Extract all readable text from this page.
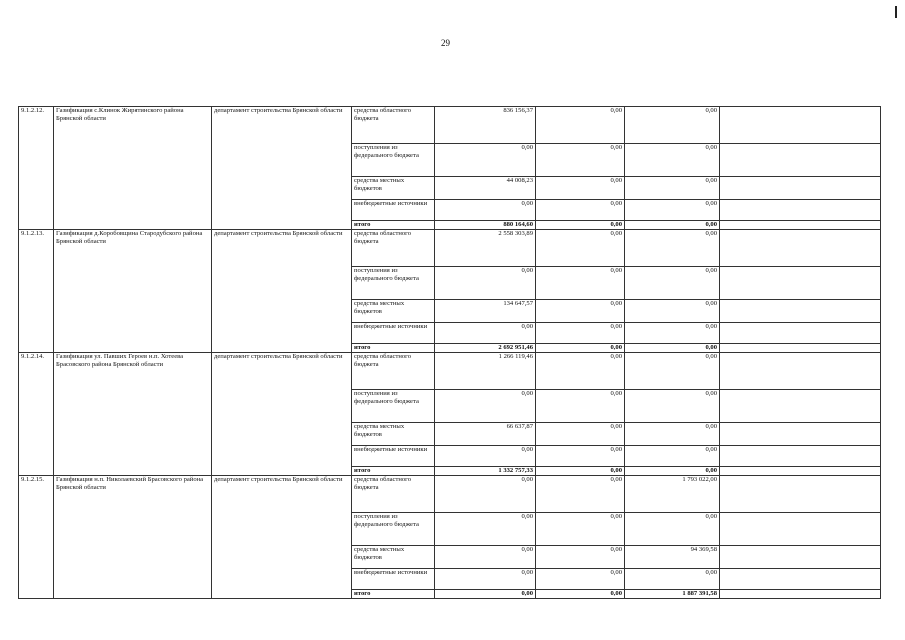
29
9.1.2.12.	Газификация с.Клинок Жирятинского района Брянской области	департамент строительства Брянской области	средства областного бюджета	836 156,37	0,00	0,00	
			поступления из федерального бюджета	0,00	0,00	0,00	
			средства местных бюджетов	44 008,23	0,00	0,00	
			внебюджетные источники	0,00	0,00	0,00	
			итого	880 164,60	0,00	0,00	
9.1.2.13.	Газификация д.Коробовщина Стародубского района Брянской области	департамент строительства Брянской области	средства областного бюджета	2 558 303,89	0,00	0,00	
			поступления из федерального бюджета	0,00	0,00	0,00	
			средства местных бюджетов	134 647,57	0,00	0,00	
			внебюджетные источники	0,00	0,00	0,00	
			итого	2 692 951,46	0,00	0,00	
9.1.2.14.	Газификация ул. Павших Героев н.п. Хотеева Брасовского района Брянской области	департамент строительства Брянской области	средства областного бюджета	1 266 119,46	0,00	0,00	
			поступления из федерального бюджета	0,00	0,00	0,00	
			средства местных бюджетов	66 637,87	0,00	0,00	
			внебюджетные источники	0,00	0,00	0,00	
			итого	1 332 757,33	0,00	0,00	
9.1.2.15.	Газификация н.п. Николаевский Брасовского района Брянской области	департамент строительства Брянской области	средства областного бюджета	0,00	0,00	1 793 022,00	
			поступления из федерального бюджета	0,00	0,00	0,00	
			средства местных бюджетов	0,00	0,00	94 369,58	
			внебюджетные источники	0,00	0,00	0,00	
			итого	0,00	0,00	1 887 391,58	
